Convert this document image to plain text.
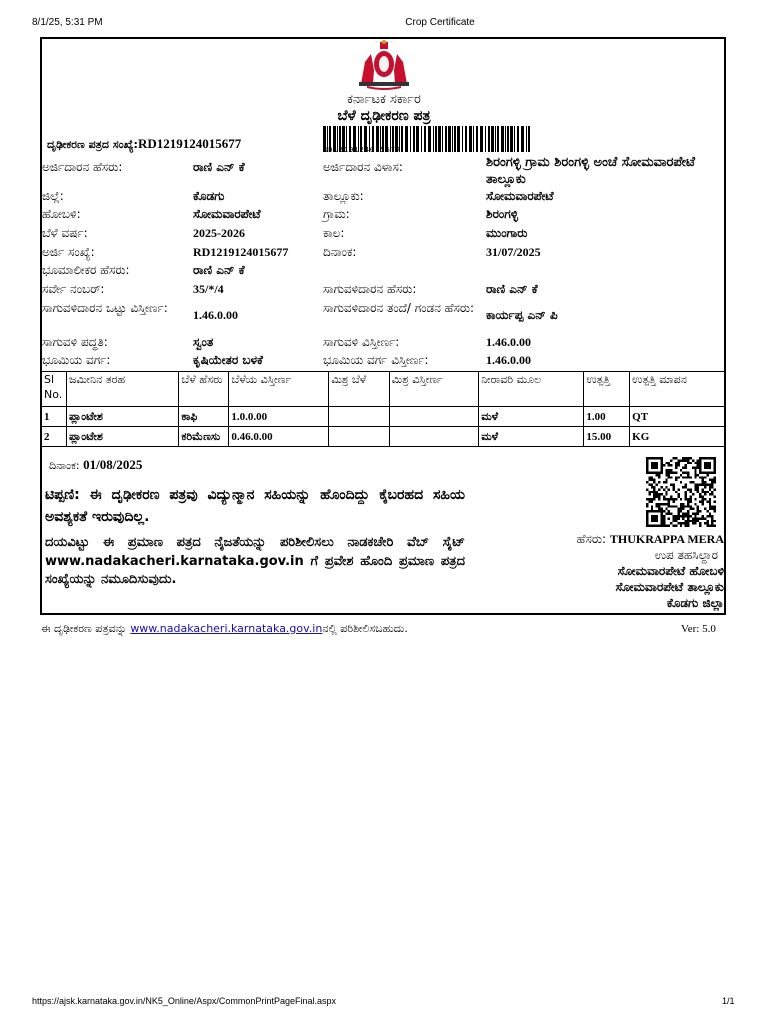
8/1/25, 5:31 PM	Crop Certificate
ಕರ್ನಾಟಕ ಸರ್ಕಾರ
ಬೆಳೆ ದೃಢೀಕರಣ ಪತ್ರ
ದೃಢೀಕರಣ ಪತ್ರದ ಸಂಖ್ಯೆ:RD1219124015677	RD1219124015677
ಅರ್ಜಿದಾರನ ಹೆಸರು:	ರಾಣಿ ಎನ್ ಕೆ	ಅರ್ಜಿದಾರನ ವಿಳಾಸ:	ಶಿರಂಗಳ್ಳಿ ಗ್ರಾಮ ಶಿರಂಗಳ್ಳಿ ಅಂಚೆ ಸೋಮವಾರಪೇಟೆ ತಾಲ್ಲೂಕು
ಜಿಲ್ಲೆ:	ಕೊಡಗು	ತಾಲ್ಲೂಕು:	ಸೋಮವಾರಪೇಟೆ
ಹೋಬಳಿ:	ಸೋಮವಾರಪೇಟೆ	ಗ್ರಾಮ:	ಶಿರಂಗಳ್ಳಿ
ಬೆಳೆ ವರ್ಷ:	2025-2026	ಕಾಲ:	ಮುಂಗಾರು
ಅರ್ಜಿ ಸಂಖ್ಯೆ:	RD1219124015677	ದಿನಾಂಕ:	31/07/2025
ಭೂಮಾಲೀಕರ ಹೆಸರು:	ರಾಣಿ ಎನ್ ಕೆ
ಸರ್ವೇ ನಂಬರ್:	35/*/4	ಸಾಗುವಳಿದಾರನ ಹೆಸರು:	ರಾಣಿ ಎನ್ ಕೆ
ಸಾಗುವಳಿದಾರನ ಒಟ್ಟು ವಿಸ್ತೀರ್ಣ:	1.46.0.00	ಸಾಗುವಳಿದಾರನ ತಂದೆ/ ಗಂಡನ ಹೆಸರು: ಕಾರ್ಯಪ್ಪ ಎನ್ ಪಿ
ಸಾಗುವಳಿ ಪದ್ಧತಿ:	ಸ್ವಂತ	ಸಾಗುವಳಿ ವಿಸ್ತೀರ್ಣ:	1.46.0.00
ಭೂಮಿಯ ವರ್ಗ:	ಕೃಷಿಯೇತರ ಬಳಕೆ	ಭೂಮಿಯ ವರ್ಗ ವಿಸ್ತೀರ್ಣ:	1.46.0.00
Sl No.	ಜಮೀನಿನ ತರಹ	ಬೆಳೆ ಹೆಸರು	ಬೆಳೆಯ ವಿಸ್ತೀರ್ಣ	ಮಿಶ್ರ ಬೆಳೆ	ಮಿಶ್ರ ವಿಸ್ತೀರ್ಣ	ನೀರಾವರಿ ಮೂಲ	ಉತ್ಪತ್ತಿ	ಉತ್ಪತ್ತಿ ಮಾಪನ
1	ಪ್ಲಾಂಟೇಶ	ಕಾಫಿ	1.0.0.00			ಮಳೆ	1.00	QT
2	ಪ್ಲಾಂಟೇಶ	ಕರಿಮೆಣಸು	0.46.0.00			ಮಳೆ	15.00	KG
ದಿನಾಂಕ: 01/08/2025
ಟಿಪ್ಪಣಿ: ಈ ದೃಢೀಕರಣ ಪತ್ರವು ವಿದ್ಯುನ್ಮಾನ ಸಹಿಯನ್ನು ಹೊಂದಿದ್ದು ಕೈಬರಹದ ಸಹಿಯ ಅವಶ್ಯಕತೆ ಇರುವುದಿಲ್ಲ.
ದಯವಿಟ್ಟು ಈ ಪ್ರಮಾಣ ಪತ್ರದ ನೈಜತೆಯನ್ನು ಪರಿಶೀಲಿಸಲು ನಾಡಕಚೇರಿ ವೆಬ್ ಸೈಟ್ www.nadakacheri.karnataka.gov.in ಗೆ ಪ್ರವೇಶ ಹೊಂದಿ ಪ್ರಮಾಣ ಪತ್ರದ ಸಂಖ್ಯೆಯನ್ನು ನಮೂದಿಸುವುದು.
ಹೆಸರು: THUKRAPPA MERA
ಉಪ ತಹಸಿಲ್ದಾರ
ಸೋಮವಾರಪೇಟೆ ಹೋಬಳಿ
ಸೋಮವಾರಪೇಟೆ ತಾಲ್ಲೂಕು
ಕೊಡಗು ಜಿಲ್ಲಾ
ಈ ದೃಢೀಕರಣ ಪತ್ರವನ್ನು www.nadakacheri.karnataka.gov.inನಲ್ಲಿ ಪರಿಶೀಲಿಸಬಹುದು.	Ver: 5.0
https://ajsk.karnataka.gov.in/NK5_Online/Aspx/CommonPrintPageFinal.aspx	1/1
